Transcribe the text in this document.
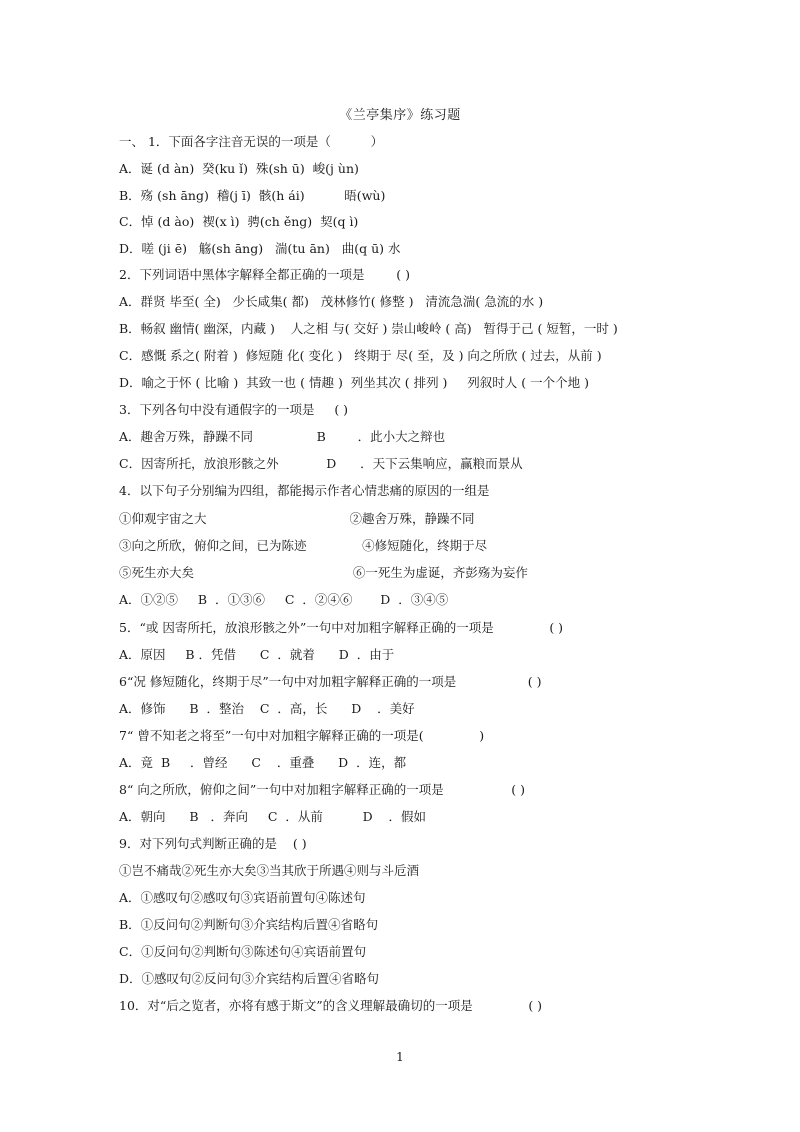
《兰亭集序》练习题
一、 1．下面各字注音无误的一项是（          ）
A．诞 (d àn)  癸(ku ǐ)  殊(sh ū)  峻(j ùn)
B．殇 (sh āng)  稽(j ī)  骸(h ái)          晤(wù)
C．悼 (d ào)  褉(x ì)  骋(ch ěng)  契(q ì)
D．嗟 (ji ē)   觞(sh āng)   湍(tu ān)   曲(q ū) 水
2．下列词语中黑体字解释全都正确的一项是        ( )
A．群贤 毕至( 全)   少长咸集( 都)   茂林修竹( 修整 )   清流急湍( 急流的水 )
B．畅叙 幽情( 幽深，内藏 )    人之相 与( 交好 ) 崇山峻岭 ( 高)   暂得于己 ( 短暂，一时 )
C．感慨 系之( 附着 )  修短随 化( 变化 )   终期于 尽( 至，及 ) 向之所欣 ( 过去，从前 )
D．喻之于怀 ( 比喻 )  其致一也 ( 情趣 )  列坐其次 ( 排列 )     列叙时人 ( 一个个地 )
3．下列各句中没有通假字的一项是     ( )
A．趣舍万殊，静躁不同                B        ．此小大之辩也
C．因寄所托，放浪形骸之外            D      ．天下云集响应，赢粮而景从
4．以下句子分别编为四组，都能揭示作者心情悲痛的原因的一组是
①仰观宇宙之大                                    ②趣舍万殊，静躁不同
③向之所欣，俯仰之间，已为陈迹              ④修短随化，终期于尽
⑤死生亦大矣                                        ⑥一死生为虚诞，齐彭殇为妄作
A．①②⑤     B  ．①③⑥     C  ．②④⑥       D  ．③④⑤
5．“或 因寄所托，放浪形骸之外”一句中对加粗字解释正确的一项是              ( )
A．原因     B ．凭借      C  ．就着      D  ．由于
6“况 修短随化，终期于尽”一句中对加粗字解释正确的一项是                  ( )
A．修饰      B  ．整治    C  ．高，长      D    ．美好
7“ 曾不知老之将至”一句中对加粗字解释正确的一项是(              )
A．竟  B     ．曾经      C    ．重叠      D  ．连，都
8“ 向之所欣，俯仰之间”一句中对加粗字解释正确的一项是                 ( )
A．朝向      B   ．奔向     C  ．从前          D    ．假如
9．对下列句式判断正确的是    ( )
①岂不痛哉②死生亦大矣③当其欣于所遇④则与斗卮酒
A．①感叹句②感叹句③宾语前置句④陈述句
B．①反问句②判断句③介宾结构后置④省略句
C．①反问句②判断句③陈述句④宾语前置句
D．①感叹句②反问句③介宾结构后置④省略句
10．对“后之览者，亦将有感于斯文”的含义理解最确切的一项是              ( )
1
